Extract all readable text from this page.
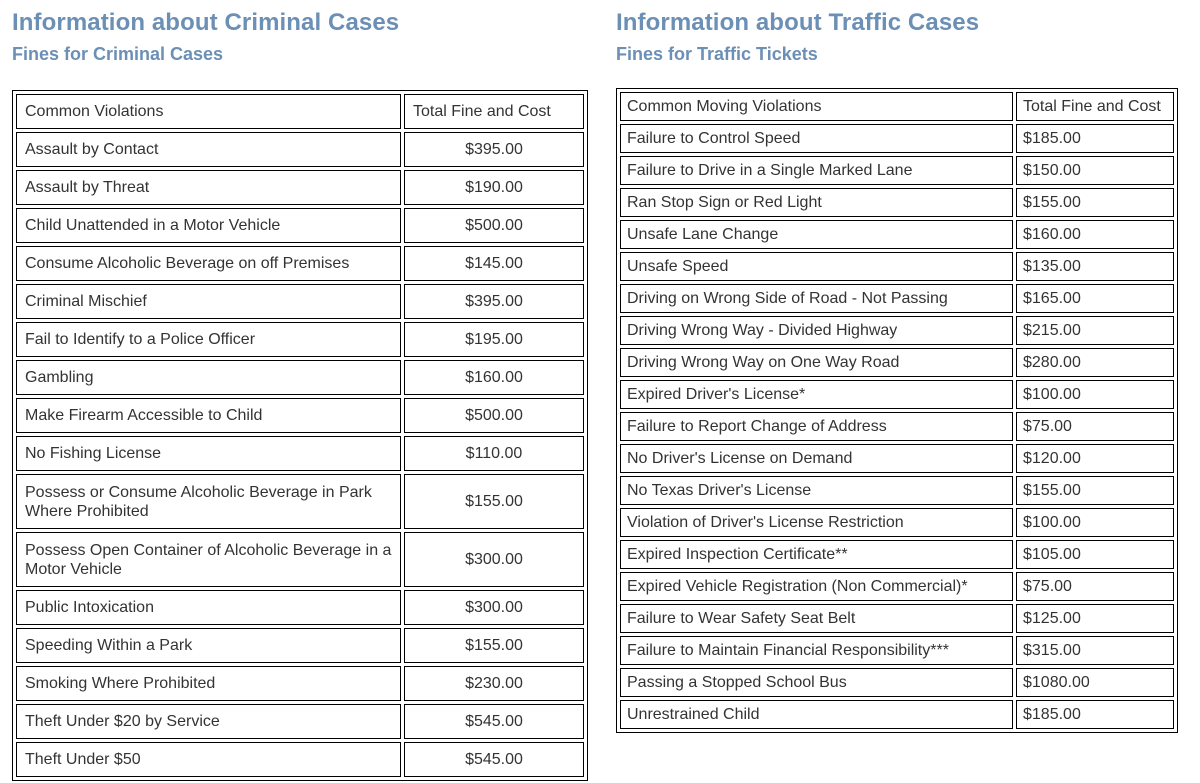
Information about Criminal Cases
Fines for Criminal Cases
Common Violations	Total Fine and Cost
Assault by Contact	$395.00
Assault by Threat	$190.00
Child Unattended in a Motor Vehicle	$500.00
Consume Alcoholic Beverage on off Premises	$145.00
Criminal Mischief	$395.00
Fail to Identify to a Police Officer	$195.00
Gambling	$160.00
Make Firearm Accessible to Child	$500.00
No Fishing License	$110.00
Possess or Consume Alcoholic Beverage in Park Where Prohibited	$155.00
Possess Open Container of Alcoholic Beverage in a Motor Vehicle	$300.00
Public Intoxication	$300.00
Speeding Within a Park	$155.00
Smoking Where Prohibited	$230.00
Theft Under $20 by Service	$545.00
Theft Under $50	$545.00
Information about Traffic Cases
Fines for Traffic Tickets
Common Moving Violations	Total Fine and Cost
Failure to Control Speed	$185.00
Failure to Drive in a Single Marked Lane	$150.00
Ran Stop Sign or Red Light	$155.00
Unsafe Lane Change	$160.00
Unsafe Speed	$135.00
Driving on Wrong Side of Road - Not Passing	$165.00
Driving Wrong Way - Divided Highway	$215.00
Driving Wrong Way on One Way Road	$280.00
Expired Driver's License*	$100.00
Failure to Report Change of Address	$75.00
No Driver's License on Demand	$120.00
No Texas Driver's License	$155.00
Violation of Driver's License Restriction	$100.00
Expired Inspection Certificate**	$105.00
Expired Vehicle Registration (Non Commercial)*	$75.00
Failure to Wear Safety Seat Belt	$125.00
Failure to Maintain Financial Responsibility***	$315.00
Passing a Stopped School Bus	$1080.00
Unrestrained Child	$185.00
